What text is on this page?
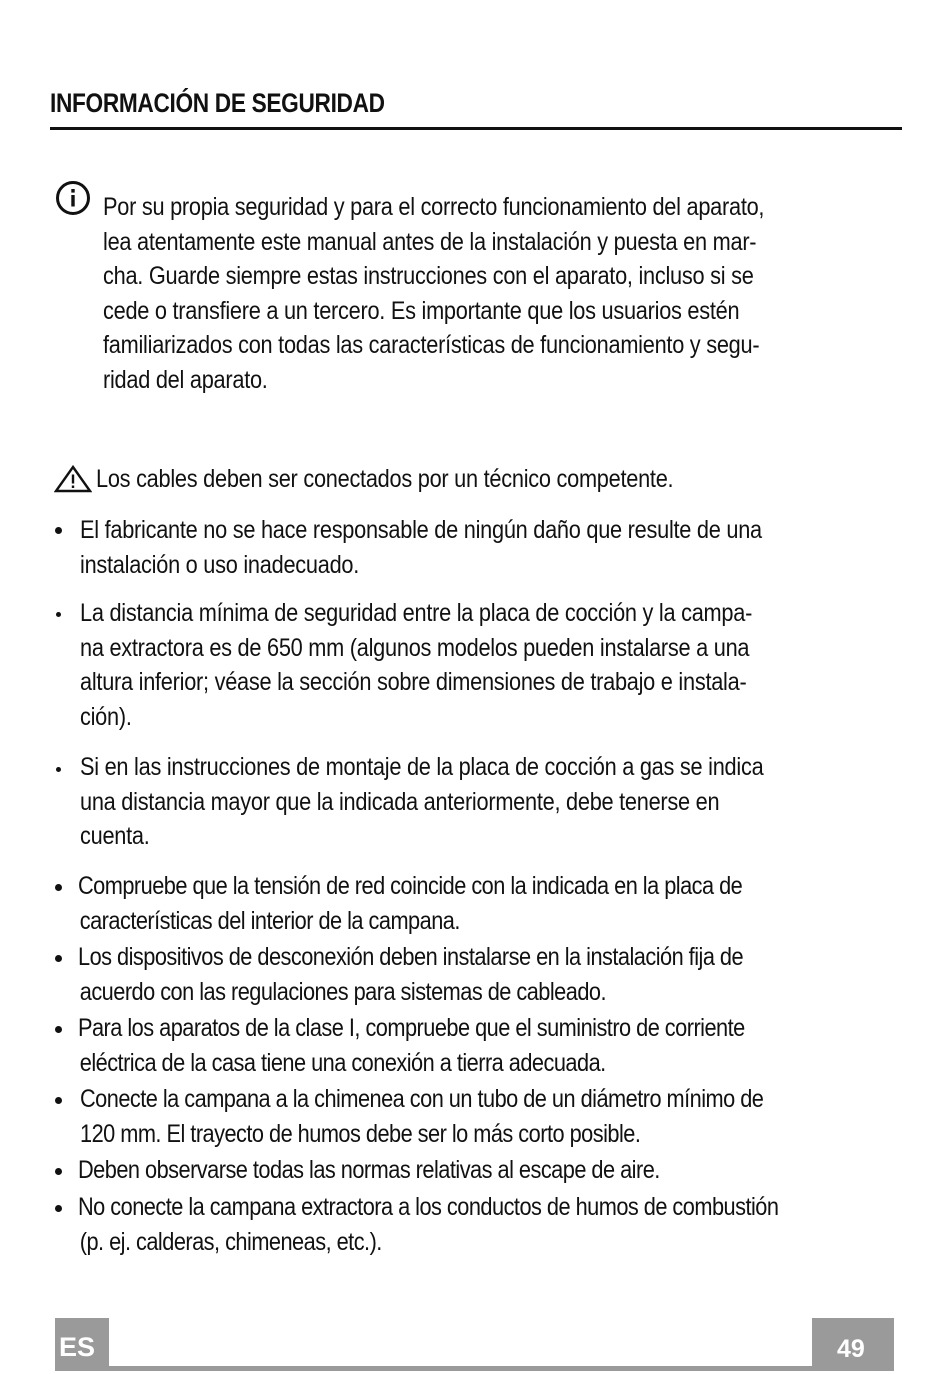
INFORMACIÓN DE SEGURIDAD
Por su propia seguridad y para el correcto funcionamiento del aparato,
lea atentamente este manual antes de la instalación y puesta en mar-
cha. Guarde siempre estas instrucciones con el aparato, incluso si se
cede o transfiere a un tercero. Es importante que los usuarios estén
familiarizados con todas las características de funcionamiento y segu-
ridad del aparato.
Los cables deben ser conectados por un técnico competente.
El fabricante no se hace responsable de ningún daño que resulte de una
instalación o uso inadecuado.
La distancia mínima de seguridad entre la placa de cocción y la campa-
na extractora es de 650 mm (algunos modelos pueden instalarse a una
altura inferior; véase la sección sobre dimensiones de trabajo e instala-
ción).
Si en las instrucciones de montaje de la placa de cocción a gas se indica
una distancia mayor que la indicada anteriormente, debe tenerse en
cuenta.
Compruebe que la tensión de red coincide con la indicada en la placa de
características del interior de la campana.
Los dispositivos de desconexión deben instalarse en la instalación fija de
acuerdo con las regulaciones para sistemas de cableado.
Para los aparatos de la clase I, compruebe que el suministro de corriente
eléctrica de la casa tiene una conexión a tierra adecuada.
Conecte la campana a la chimenea con un tubo de un diámetro mínimo de
120 mm. El trayecto de humos debe ser lo más corto posible.
Deben observarse todas las normas relativas al escape de aire.
No conecte la campana extractora a los conductos de humos de combustión
(p. ej. calderas, chimeneas, etc.).
ES	49
